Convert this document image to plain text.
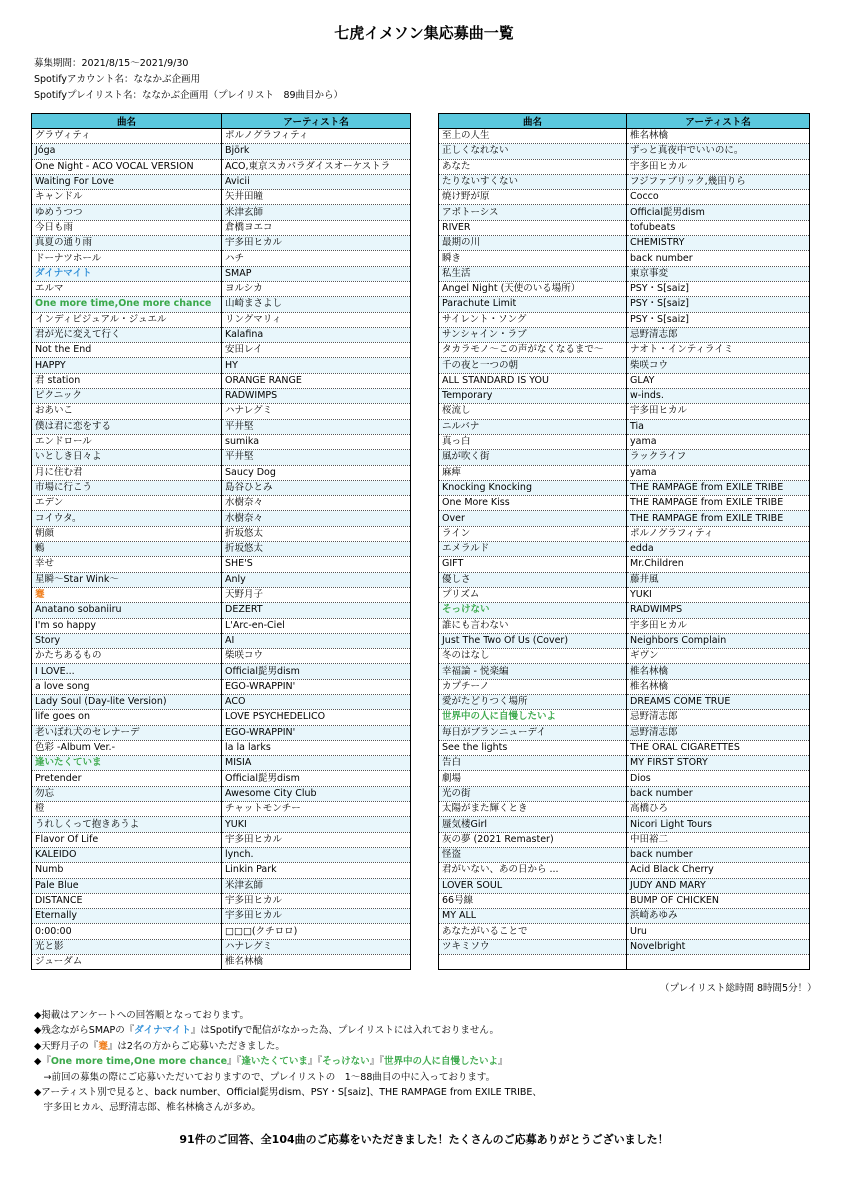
七虎イメソン集応募曲一覧
募集期間：2021/8/15～2021/9/30
Spotifyアカウント名：ななかぶ企画用
Spotifyプレイリスト名：ななかぶ企画用（プレイリスト　89曲目から）
曲名	アーティスト名
グラヴィティ	ポルノグラフィティ
Jóga	Björk
One Night - ACO VOCAL VERSION	ACO,東京スカパラダイスオーケストラ
Waiting For Love	Avicii
キャンドル	矢井田瞳
ゆめうつつ	米津玄師
今日も雨	倉橋ヨエコ
真夏の通り雨	宇多田ヒカル
ドーナツホール	ハチ
ダイナマイト	SMAP
エルマ	ヨルシカ
One more time,One more chance	山崎まさよし
インディビジュアル・ジュエル	リングマリィ
君が光に変えて行く	Kalafina
Not the End	安田レイ
HAPPY	HY
君 station	ORANGE RANGE
ピクニック	RADWIMPS
おあいこ	ハナレグミ
僕は君に恋をする	平井堅
エンドロール	sumika
いとしき日々よ	平井堅
月に住む君	Saucy Dog
市場に行こう	島谷ひとみ
エデン	水樹奈々
コイウタ。	水樹奈々
朝顔	折坂悠太
鶫	折坂悠太
幸せ	SHE'S
星瞬～Star Wink～	Anly
蹇	天野月子
Anatano sobaniiru	DEZERT
I'm so happy	L'Arc-en-Ciel
Story	AI
かたちあるもの	柴咲コウ
I LOVE...	Official髭男dism
a love song	EGO-WRAPPIN'
Lady Soul (Day-lite Version)	ACO
life goes on	LOVE PSYCHEDELICO
老いぼれ犬のセレナーデ	EGO-WRAPPIN'
色彩 -Album Ver.-	la la larks
逢いたくていま	MISIA
Pretender	Official髭男dism
勿忘	Awesome City Club
橙	チャットモンチー
うれしくって抱きあうよ	YUKI
Flavor Of Life	宇多田ヒカル
KALEIDO	lynch.
Numb	Linkin Park
Pale Blue	米津玄師
DISTANCE	宇多田ヒカル
Eternally	宇多田ヒカル
0:00:00	□□□(クチロロ)
光と影	ハナレグミ
ジューダム	椎名林檎
曲名	アーティスト名
至上の人生	椎名林檎
正しくなれない	ずっと真夜中でいいのに。
あなた	宇多田ヒカル
たりないすくない	フジファブリック,幾田りら
焼け野が原	Cocco
アポトーシス	Official髭男dism
RIVER	tofubeats
最期の川	CHEMISTRY
瞬き	back number
私生活	東京事変
Angel Night (天使のいる場所）	PSY・S[saiz]
Parachute Limit	PSY・S[saiz]
サイレント・ソング	PSY・S[saiz]
サンシャイン・ラブ	忌野清志郎
タカラモノ～この声がなくなるまで～	ナオト・インティライミ
千の夜と一つの朝	柴咲コウ
ALL STANDARD IS YOU	GLAY
Temporary	w-inds.
桜流し	宇多田ヒカル
ニルバナ	Tia
真っ白	yama
風が吹く街	ラックライフ
麻痺	yama
Knocking Knocking	THE RAMPAGE from EXILE TRIBE
One More Kiss	THE RAMPAGE from EXILE TRIBE
Over	THE RAMPAGE from EXILE TRIBE
ライン	ポルノグラフィティ
エメラルド	edda
GIFT	Mr.Children
優しさ	藤井風
プリズム	YUKI
そっけない	RADWIMPS
誰にも言わない	宇多田ヒカル
Just The Two Of Us (Cover)	Neighbors Complain
冬のはなし	ギヴン
幸福論 - 悦楽編	椎名林檎
カプチーノ	椎名林檎
愛がたどりつく場所	DREAMS COME TRUE
世界中の人に自慢したいよ	忌野清志郎
毎日がブランニューデイ	忌野清志郎
See the lights	THE ORAL CIGARETTES
告白	MY FIRST STORY
劇場	Dios
光の街	back number
太陽がまた輝くとき	高橋ひろ
蜃気楼Girl	Nicori Light Tours
灰の夢 (2021 Remaster)	中田裕二
怪盗	back number
君がいない、あの日から ...	Acid Black Cherry
LOVER SOUL	JUDY AND MARY
66号線	BUMP OF CHICKEN
MY ALL	浜崎あゆみ
あなたがいることで	Uru
ツキミソウ	Novelbright

（プレイリスト総時間 8時間5分！）
◆掲載はアンケートへの回答順となっております。
◆残念ながらSMAPの『ダイナマイト』はSpotifyで配信がなかった為、プレイリストには入れておりません。
◆天野月子の『蹇』は2名の方からご応募いただきました。
◆『One more time,One more chance』『逢いたくていま』『そっけない』『世界中の人に自慢したいよ』
　→前回の募集の際にご応募いただいておりますので、プレイリストの　1～88曲目の中に入っております。
◆アーティスト別で見ると、back number、Official髭男dism、PSY・S[saiz]、THE RAMPAGE from EXILE TRIBE、
　宇多田ヒカル、忌野清志郎、椎名林檎さんが多め。
91件のご回答、全104曲のご応募をいただきました！たくさんのご応募ありがとうございました！
